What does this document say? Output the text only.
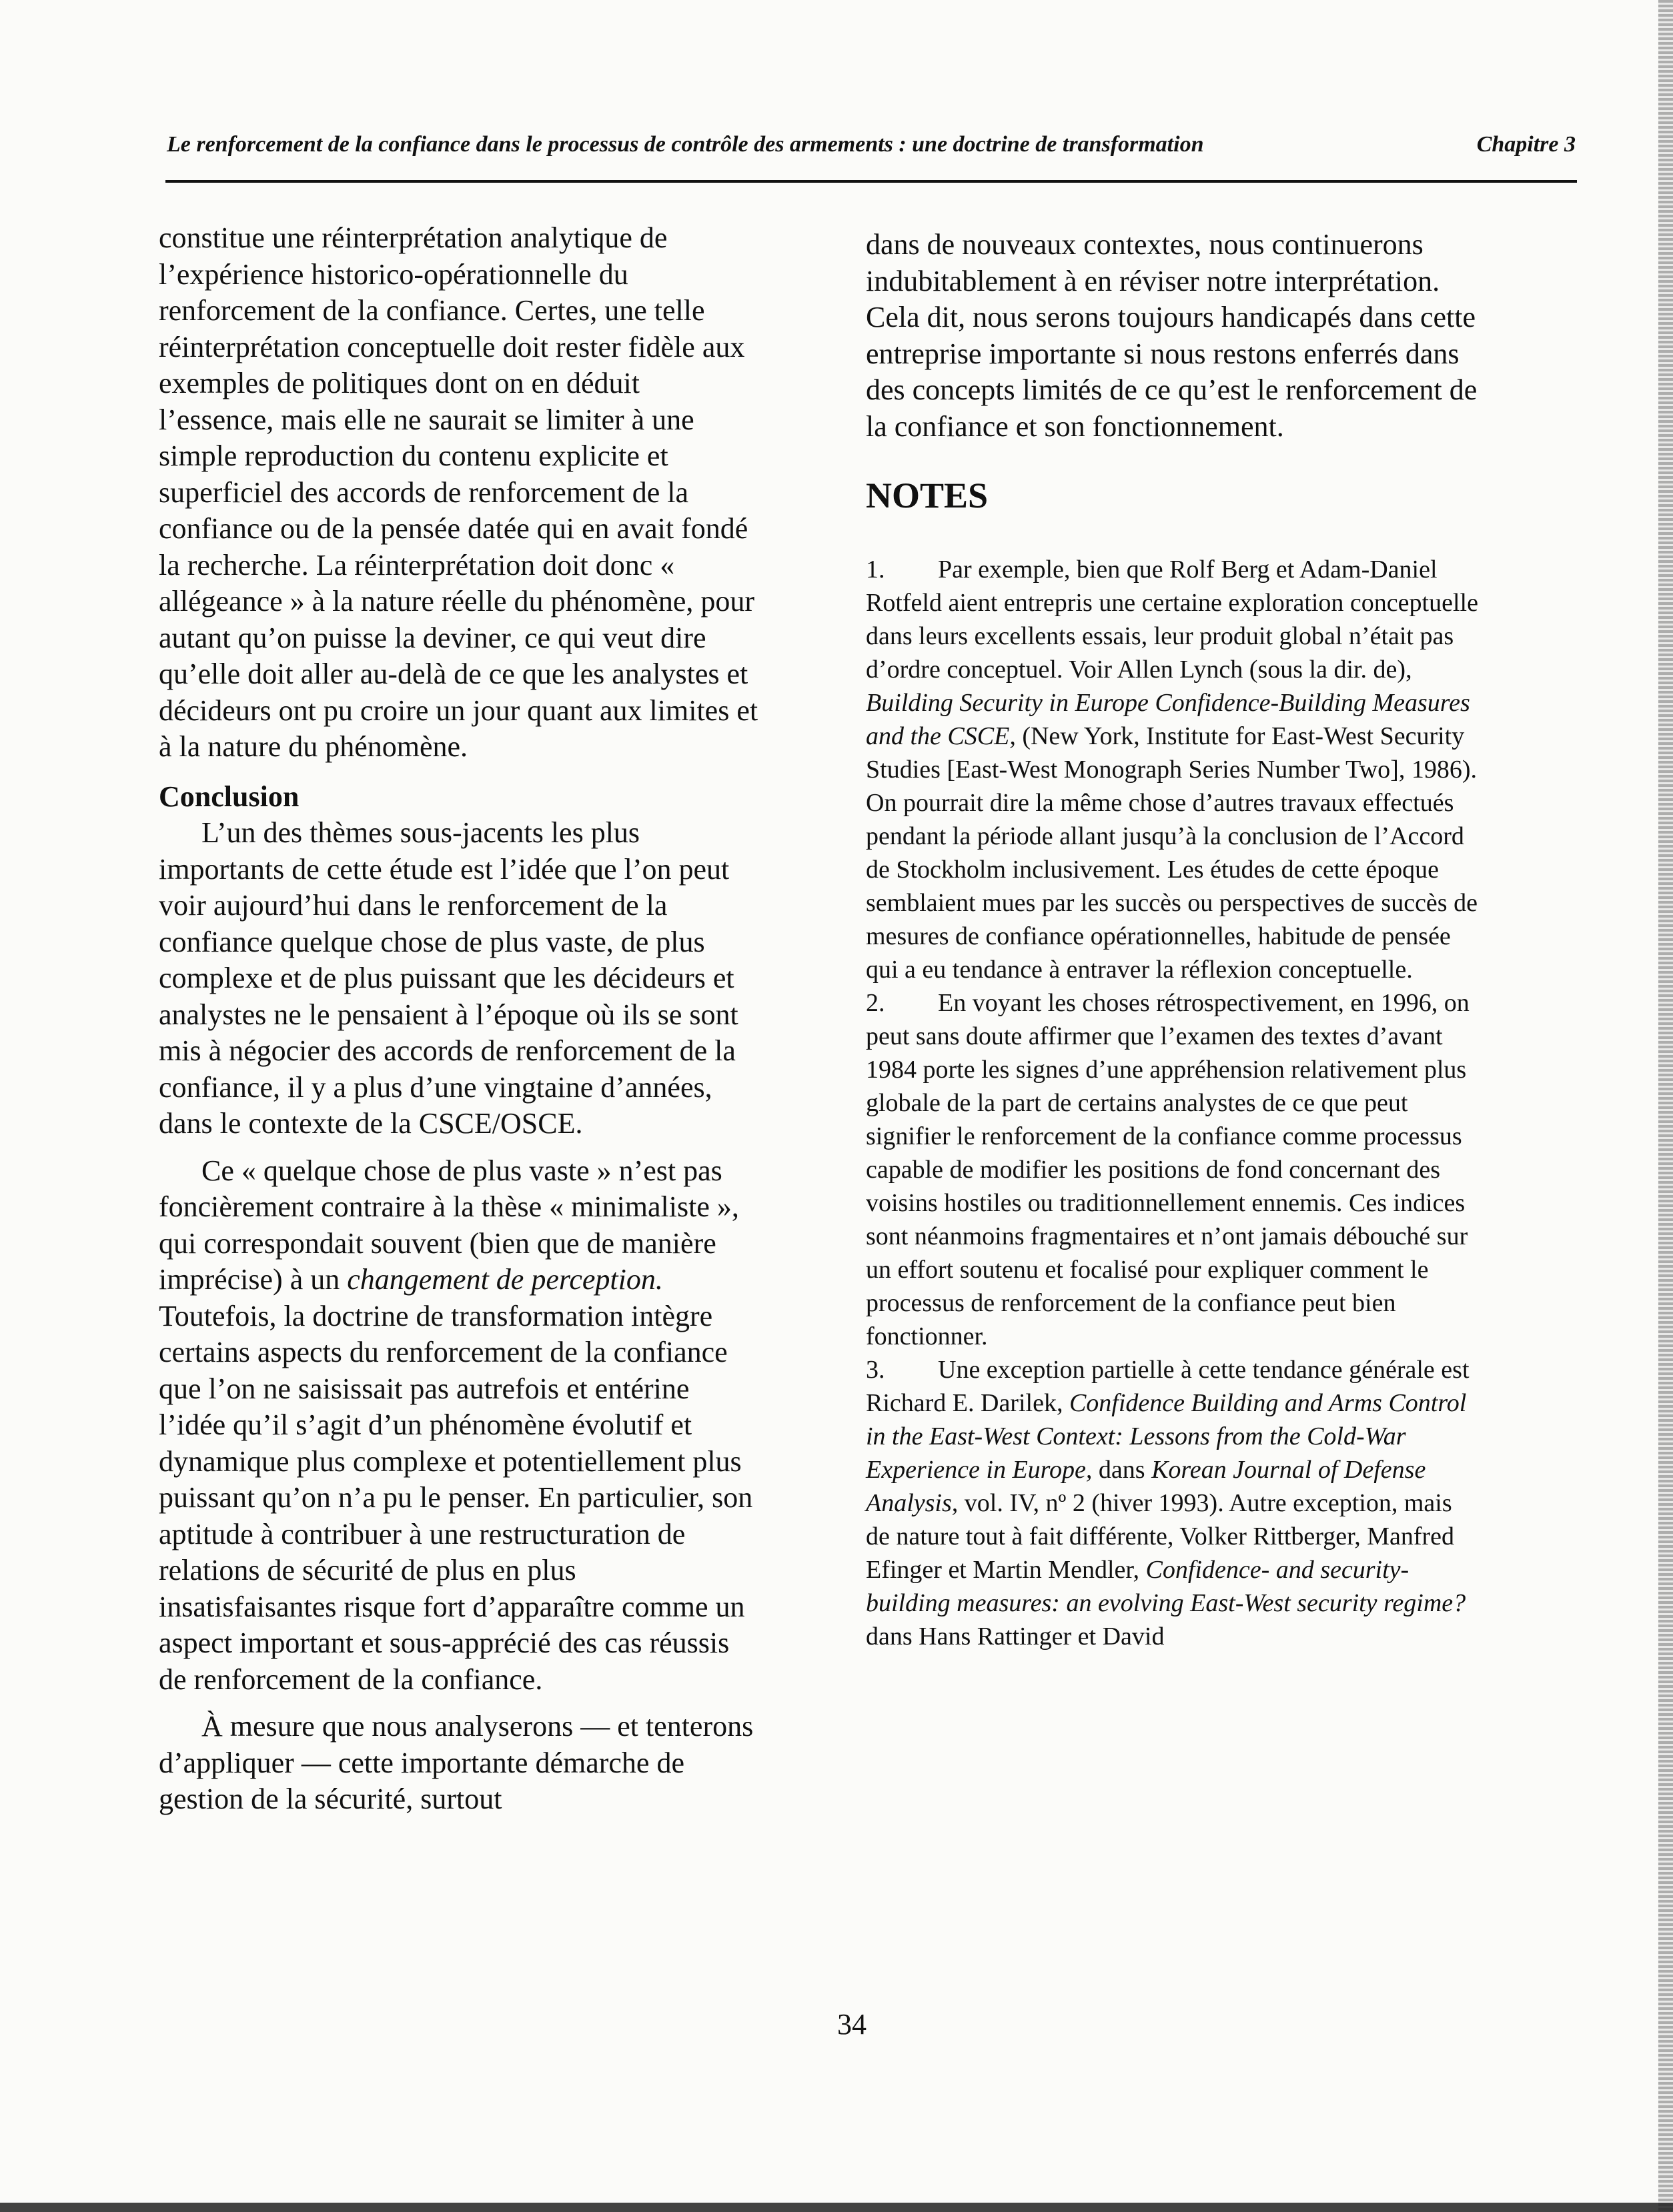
Le renforcement de la confiance dans le processus de contrôle des armements : une doctrine de transformation	Chapitre 3

constitue une réinterprétation analytique de l’expérience historico-opérationnelle du renforcement de la confiance. Certes, une telle réinterprétation conceptuelle doit rester fidèle aux exemples de politiques dont on en déduit l’essence, mais elle ne saurait se limiter à une simple reproduction du contenu explicite et superficiel des accords de renforcement de la confiance ou de la pensée datée qui en avait fondé la recherche. La réinterprétation doit donc « allégeance » à la nature réelle du phénomène, pour autant qu’on puisse la deviner, ce qui veut dire qu’elle doit aller au-delà de ce que les analystes et décideurs ont pu croire un jour quant aux limites et à la nature du phénomène.

Conclusion

L’un des thèmes sous-jacents les plus importants de cette étude est l’idée que l’on peut voir aujourd’hui dans le renforcement de la confiance quelque chose de plus vaste, de plus complexe et de plus puissant que les décideurs et analystes ne le pensaient à l’époque où ils se sont mis à négocier des accords de renforcement de la confiance, il y a plus d’une vingtaine d’années, dans le contexte de la CSCE/OSCE.

Ce « quelque chose de plus vaste » n’est pas foncièrement contraire à la thèse « minimaliste », qui correspondait souvent (bien que de manière imprécise) à un changement de perception. Toutefois, la doctrine de transformation intègre certains aspects du renforcement de la confiance que l’on ne saisissait pas autrefois et entérine l’idée qu’il s’agit d’un phénomène évolutif et dynamique plus complexe et potentiellement plus puissant qu’on n’a pu le penser. En particulier, son aptitude à contribuer à une restructuration de relations de sécurité de plus en plus insatisfaisantes risque fort d’apparaître comme un aspect important et sous-apprécié des cas réussis de renforcement de la confiance.

À mesure que nous analyserons — et tenterons d’appliquer — cette importante démarche de gestion de la sécurité, surtout

dans de nouveaux contextes, nous continuerons indubitablement à en réviser notre interprétation. Cela dit, nous serons toujours handicapés dans cette entreprise importante si nous restons enferrés dans des concepts limités de ce qu’est le renforcement de la confiance et son fonctionnement.

NOTES

1. Par exemple, bien que Rolf Berg et Adam-Daniel Rotfeld aient entrepris une certaine exploration conceptuelle dans leurs excellents essais, leur produit global n’était pas d’ordre conceptuel. Voir Allen Lynch (sous la dir. de), Building Security in Europe Confidence-Building Measures and the CSCE, (New York, Institute for East-West Security Studies [East-West Monograph Series Number Two], 1986). On pourrait dire la même chose d’autres travaux effectués pendant la période allant jusqu’à la conclusion de l’Accord de Stockholm inclusivement. Les études de cette époque semblaient mues par les succès ou perspectives de succès de mesures de confiance opérationnelles, habitude de pensée qui a eu tendance à entraver la réflexion conceptuelle.

2. En voyant les choses rétrospectivement, en 1996, on peut sans doute affirmer que l’examen des textes d’avant 1984 porte les signes d’une appréhension relativement plus globale de la part de certains analystes de ce que peut signifier le renforcement de la confiance comme processus capable de modifier les positions de fond concernant des voisins hostiles ou traditionnellement ennemis. Ces indices sont néanmoins fragmentaires et n’ont jamais débouché sur un effort soutenu et focalisé pour expliquer comment le processus de renforcement de la confiance peut bien fonctionner.

3. Une exception partielle à cette tendance générale est Richard E. Darilek, Confidence Building and Arms Control in the East-West Context: Lessons from the Cold-War Experience in Europe, dans Korean Journal of Defense Analysis, vol. IV, nº 2 (hiver 1993). Autre exception, mais de nature tout à fait différente, Volker Rittberger, Manfred Efinger et Martin Mendler, Confidence- and security-building measures: an evolving East-West security regime? dans Hans Rattinger et David

34
